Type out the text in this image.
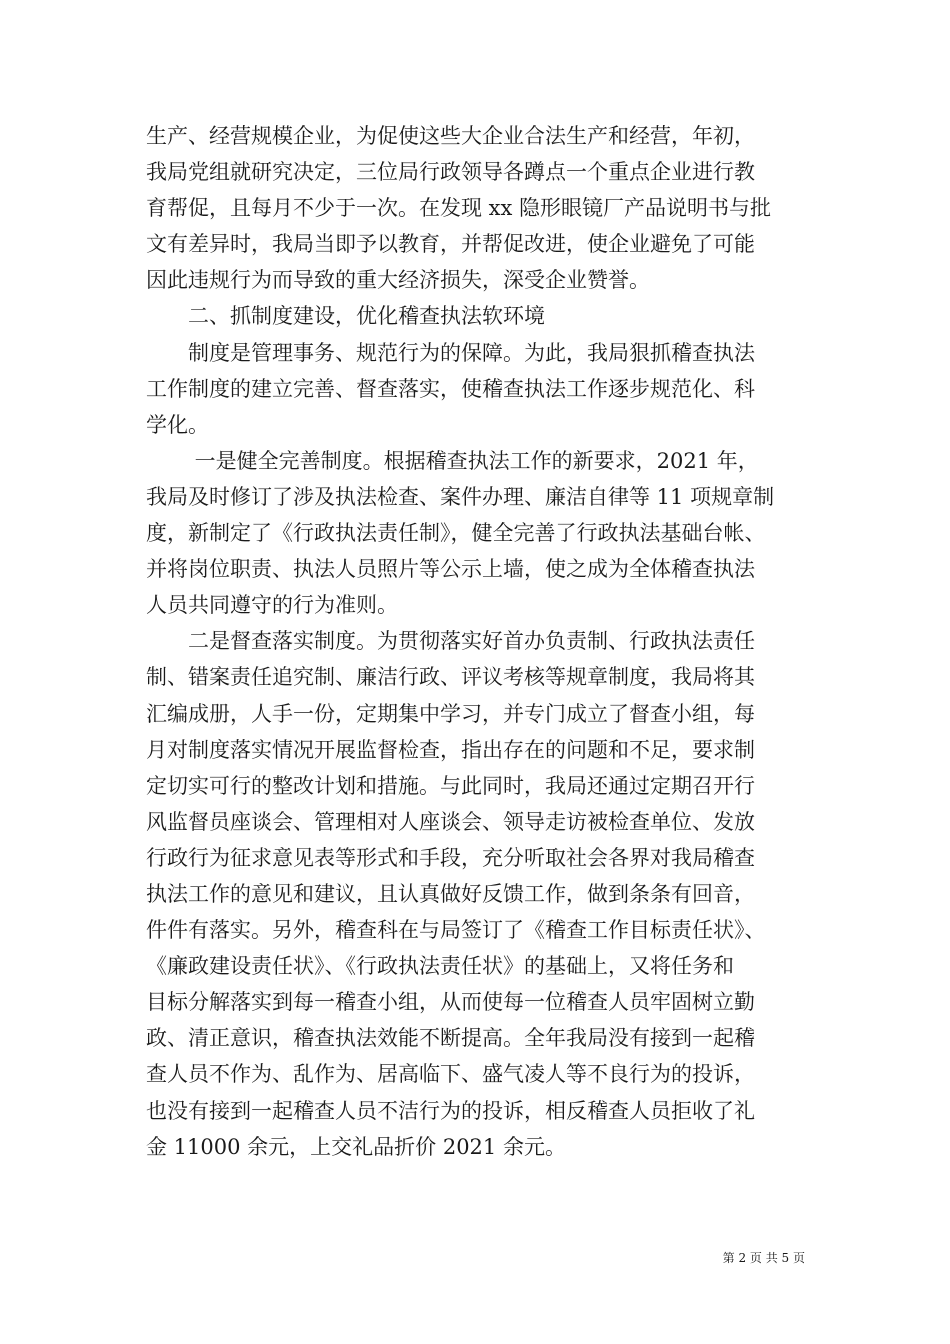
生产、经营规模企业，为促使这些大企业合法生产和经营，年初，
我局党组就研究决定，三位局行政领导各蹲点一个重点企业进行教
育帮促，且每月不少于一次。在发现 xx 隐形眼镜厂产品说明书与批
文有差异时，我局当即予以教育，并帮促改进，使企业避免了可能
因此违规行为而导致的重大经济损失，深受企业赞誉。
　　二、抓制度建设，优化稽查执法软环境
　　制度是管理事务、规范行为的保障。为此，我局狠抓稽查执法
工作制度的建立完善、督查落实，使稽查执法工作逐步规范化、科
学化。
　　 一是健全完善制度。根据稽查执法工作的新要求，2021 年，
我局及时修订了涉及执法检查、案件办理、廉洁自律等 11 项规章制
度，新制定了《行政执法责任制》，健全完善了行政执法基础台帐、
并将岗位职责、执法人员照片等公示上墙，使之成为全体稽查执法
人员共同遵守的行为准则。
　　二是督查落实制度。为贯彻落实好首办负责制、行政执法责任
制、错案责任追究制、廉洁行政、评议考核等规章制度，我局将其
汇编成册，人手一份，定期集中学习，并专门成立了督查小组，每
月对制度落实情况开展监督检查，指出存在的问题和不足，要求制
定切实可行的整改计划和措施。与此同时，我局还通过定期召开行
风监督员座谈会、管理相对人座谈会、领导走访被检查单位、发放
行政行为征求意见表等形式和手段，充分听取社会各界对我局稽查
执法工作的意见和建议，且认真做好反馈工作，做到条条有回音，
件件有落实。另外，稽查科在与局签订了《稽查工作目标责任状》、
《廉政建设责任状》、《行政执法责任状》的基础上，又将任务和
目标分解落实到每一稽查小组，从而使每一位稽查人员牢固树立勤
政、清正意识，稽查执法效能不断提高。全年我局没有接到一起稽
查人员不作为、乱作为、居高临下、盛气凌人等不良行为的投诉，
也没有接到一起稽查人员不洁行为的投诉，相反稽查人员拒收了礼
金 11000 余元，上交礼品折价 2021 余元。
第 2 页 共 5 页
